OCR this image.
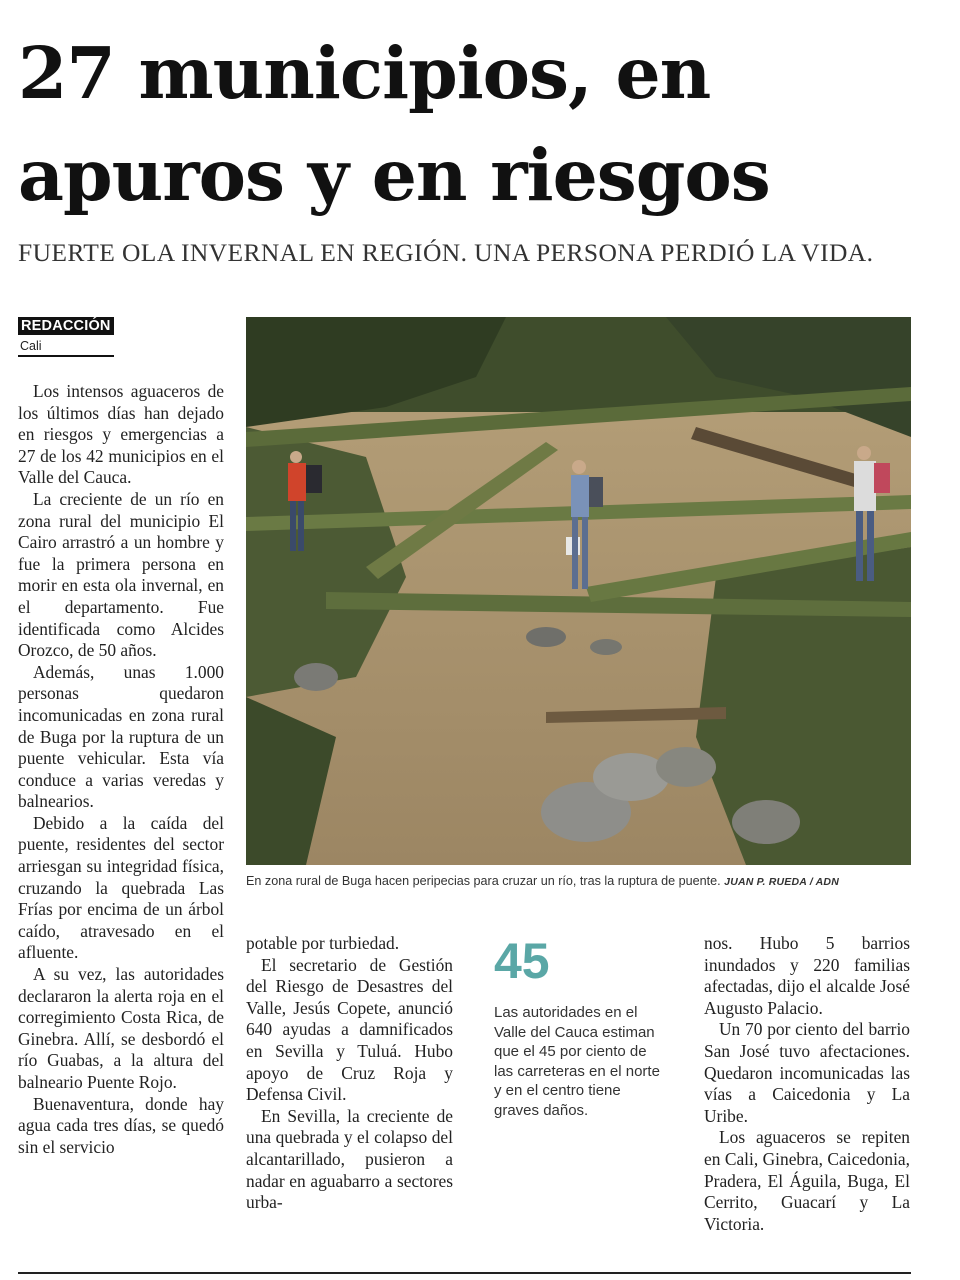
27 municipios, en apuros y en riesgos
FUERTE OLA INVERNAL EN REGIÓN. UNA PERSONA PERDIÓ LA VIDA.
REDACCIÓN
Cali

Los intensos aguaceros de los últimos días han dejado en riesgos y emergencias a 27 de los 42 municipios en el Valle del Cauca.

La creciente de un río en zona rural del municipio El Cairo arrastró a un hombre y fue la primera persona en morir en esta ola invernal, en el departamento. Fue identificada como Alcides Orozco, de 50 años.

Además, unas 1.000 personas quedaron incomunicadas en zona rural de Buga por la ruptura de un puente vehicular. Esta vía conduce a varias veredas y balnearios.

Debido a la caída del puente, residentes del sector arriesgan su integridad física, cruzando la quebrada Las Frías por encima de un árbol caído, atravesado en el afluente.

A su vez, las autoridades declararon la alerta roja en el corregimiento Costa Rica, de Ginebra. Allí, se desbordó el río Guabas, a la altura del balneario Puente Rojo.

Buenaventura, donde hay agua cada tres días, se quedó sin el servicio

En zona rural de Buga hacen peripecias para cruzar un río, tras la ruptura de puente. JUAN P. RUEDA / ADN

potable por turbiedad.

El secretario de Gestión del Riesgo de Desastres del Valle, Jesús Copete, anunció 640 ayudas a damnificados en Sevilla y Tuluá. Hubo apoyo de Cruz Roja y Defensa Civil.

En Sevilla, la creciente de una quebrada y el colapso del alcantarillado, pusieron a nadar en aguabarro a sectores urba-

45
Las autoridades en el Valle del Cauca estiman que el 45 por ciento de las carreteras en el norte y en el centro tiene graves daños.

nos. Hubo 5 barrios inundados y 220 familias afectadas, dijo el alcalde José Augusto Palacio.

Un 70 por ciento del barrio San José tuvo afectaciones. Quedaron incomunicadas las vías a Caicedonia y La Uribe.

Los aguaceros se repiten en Cali, Ginebra, Caicedonia, Pradera, El Águila, Buga, El Cerrito, Guacarí y La Victoria.
